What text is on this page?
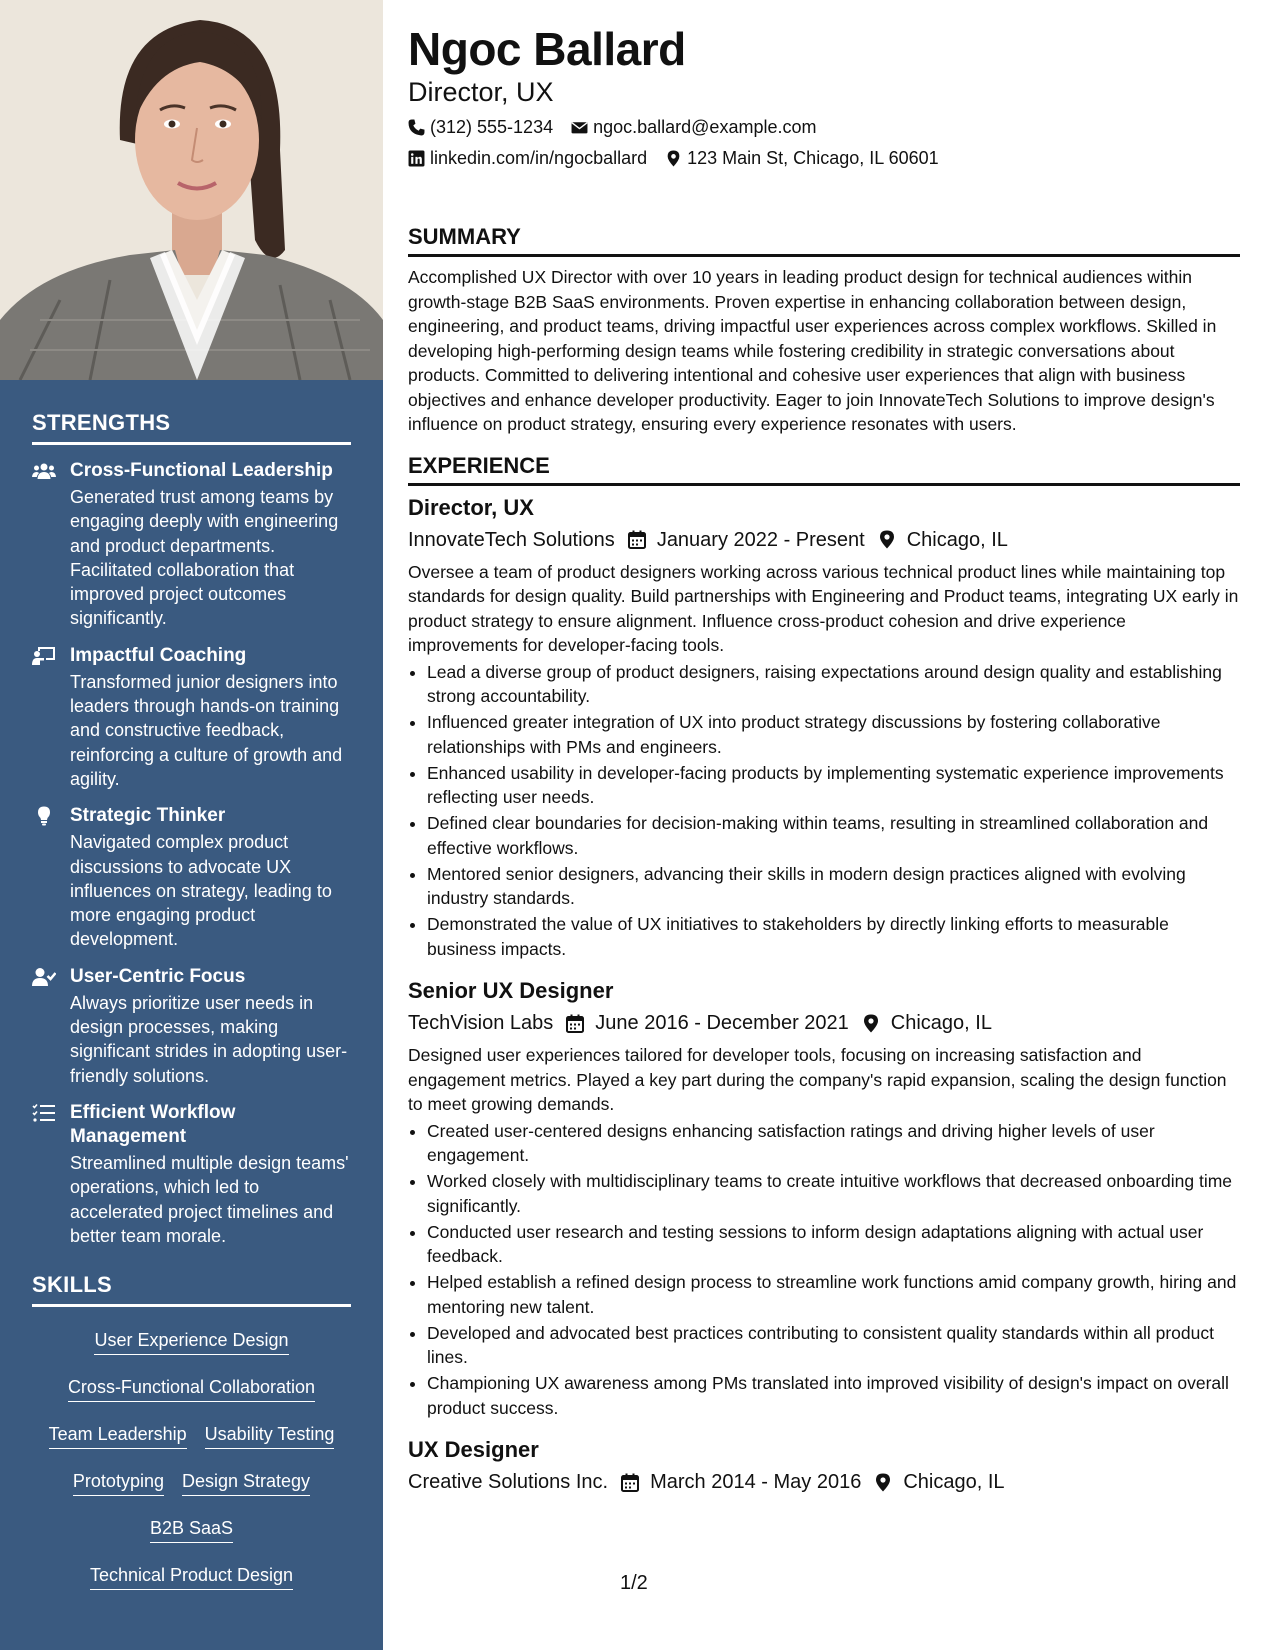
STRENGTHS
Cross-Functional Leadership
Generated trust among teams by engaging deeply with engineering and product departments. Facilitated collaboration that improved project outcomes significantly.
Impactful Coaching
Transformed junior designers into leaders through hands-on training and constructive feedback, reinforcing a culture of growth and agility.
Strategic Thinker
Navigated complex product discussions to advocate UX influences on strategy, leading to more engaging product development.
User-Centric Focus
Always prioritize user needs in design processes, making significant strides in adopting user-friendly solutions.
Efficient Workflow Management
Streamlined multiple design teams' operations, which led to accelerated project timelines and better team morale.
SKILLS
User Experience Design
Cross-Functional Collaboration
Team Leadership Usability Testing
Prototyping Design Strategy
B2B SaaS
Technical Product Design
Ngoc Ballard
Director, UX
(312) 555-1234 ngoc.ballard@example.com
linkedin.com/in/ngocballard 123 Main St, Chicago, IL 60601
SUMMARY

Accomplished UX Director with over 10 years in leading product design for technical audiences within growth-stage B2B SaaS environments. Proven expertise in enhancing collaboration between design, engineering, and product teams, driving impactful user experiences across complex workflows. Skilled in developing high-performing design teams while fostering credibility in strategic conversations about products. Committed to delivering intentional and cohesive user experiences that align with business objectives and enhance developer productivity. Eager to join InnovateTech Solutions to improve design's influence on product strategy, ensuring every experience resonates with users.

EXPERIENCE
Director, UX
InnovateTech Solutions January 2022 - Present Chicago, IL

Oversee a team of product designers working across various technical product lines while maintaining top standards for design quality. Build partnerships with Engineering and Product teams, integrating UX early in product strategy to ensure alignment. Influence cross-product cohesion and drive experience improvements for developer-facing tools.

• Lead a diverse group of product designers, raising expectations around design quality and establishing strong accountability.
• Influenced greater integration of UX into product strategy discussions by fostering collaborative relationships with PMs and engineers.
• Enhanced usability in developer-facing products by implementing systematic experience improvements reflecting user needs.
• Defined clear boundaries for decision-making within teams, resulting in streamlined collaboration and effective workflows.
• Mentored senior designers, advancing their skills in modern design practices aligned with evolving industry standards.
• Demonstrated the value of UX initiatives to stakeholders by directly linking efforts to measurable business impacts.
Senior UX Designer
TechVision Labs June 2016 - December 2021 Chicago, IL

Designed user experiences tailored for developer tools, focusing on increasing satisfaction and engagement metrics. Played a key part during the company's rapid expansion, scaling the design function to meet growing demands.

• Created user-centered designs enhancing satisfaction ratings and driving higher levels of user engagement.
• Worked closely with multidisciplinary teams to create intuitive workflows that decreased onboarding time significantly.
• Conducted user research and testing sessions to inform design adaptations aligning with actual user feedback.
• Helped establish a refined design process to streamline work functions amid company growth, hiring and mentoring new talent.
• Developed and advocated best practices contributing to consistent quality standards within all product lines.
• Championing UX awareness among PMs translated into improved visibility of design's impact on overall product success.
UX Designer
Creative Solutions Inc. March 2014 - May 2016 Chicago, IL
1/2
